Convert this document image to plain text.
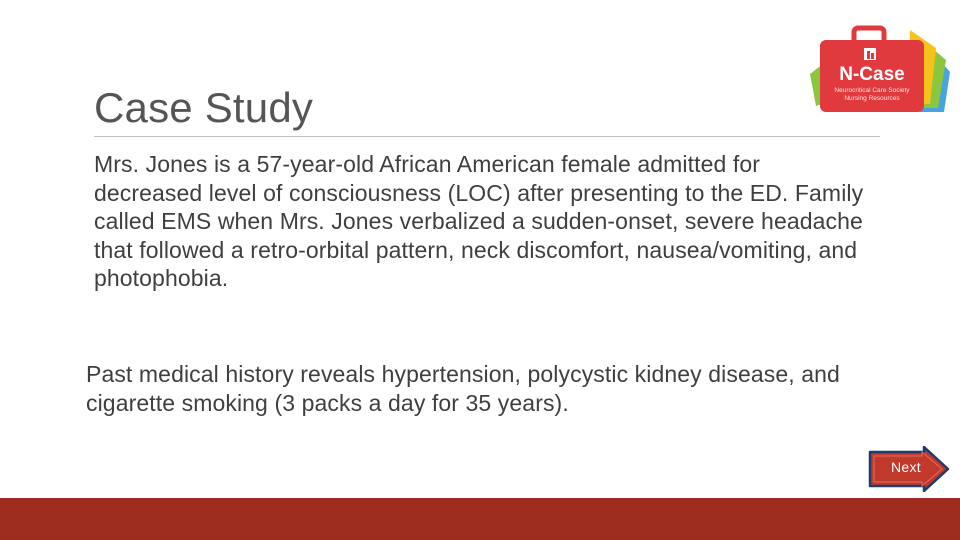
N-Case
Neurocritical Care Society
Nursing Resources
Case Study
Mrs. Jones is a 57-year-old African American female admitted for decreased level of consciousness (LOC) after presenting to the ED. Family called EMS when Mrs. Jones verbalized a sudden-onset, severe headache that followed a retro-orbital pattern, neck discomfort, nausea/vomiting, and photophobia.
Past medical history reveals hypertension, polycystic kidney disease, and cigarette smoking (3 packs a day for 35 years).
Next
